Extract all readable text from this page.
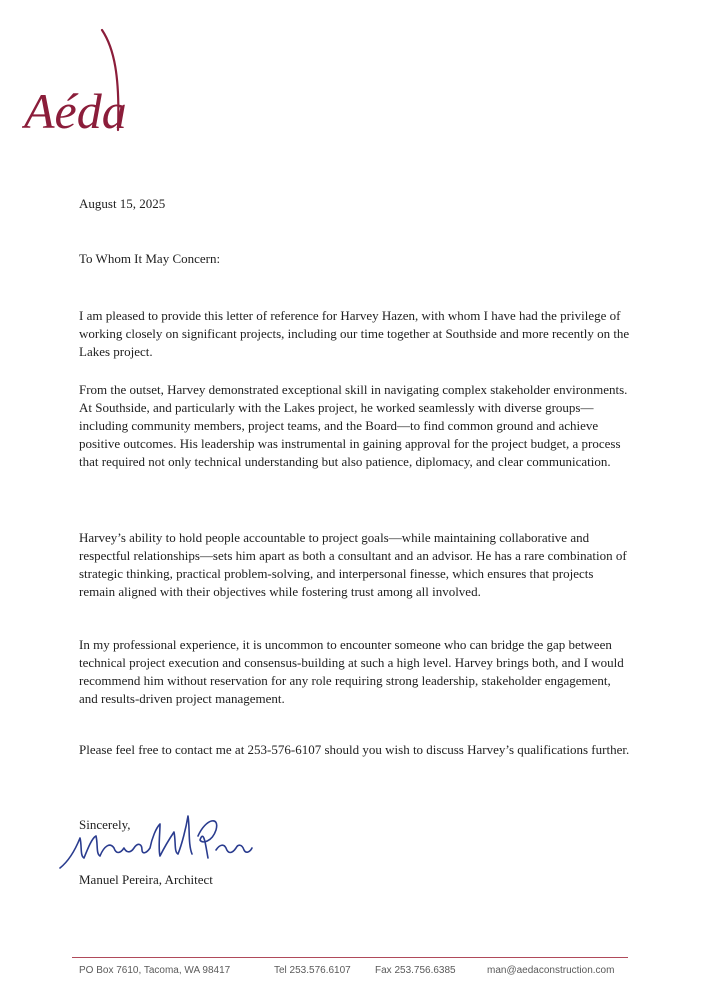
Aéda
August 15, 2025
To Whom It May Concern:

I am pleased to provide this letter of reference for Harvey Hazen, with whom I have had the privilege of working closely on significant projects, including our time together at Southside and more recently on the Lakes project.

From the outset, Harvey demonstrated exceptional skill in navigating complex stakeholder environments. At Southside, and particularly with the Lakes project, he worked seamlessly with diverse groups—including community members, project teams, and the Board—to find common ground and achieve positive outcomes. His leadership was instrumental in gaining approval for the project budget, a process that required not only technical understanding but also patience, diplomacy, and clear communication.

Harvey’s ability to hold people accountable to project goals—while maintaining collaborative and respectful relationships—sets him apart as both a consultant and an advisor. He has a rare combination of strategic thinking, practical problem-solving, and interpersonal finesse, which ensures that projects remain aligned with their objectives while fostering trust among all involved.

In my professional experience, it is uncommon to encounter someone who can bridge the gap between technical project execution and consensus-building at such a high level. Harvey brings both, and I would recommend him without reservation for any role requiring strong leadership, stakeholder engagement, and results-driven project management.

Please feel free to contact me at 253-576-6107 should you wish to discuss Harvey’s qualifications further.

Sincerely,
Manuel Pereira, Architect
PO Box 7610, Tacoma, WA 98417	Tel 253.576.6107 Fax 253.756.6385	man@aedaconstruction.com
